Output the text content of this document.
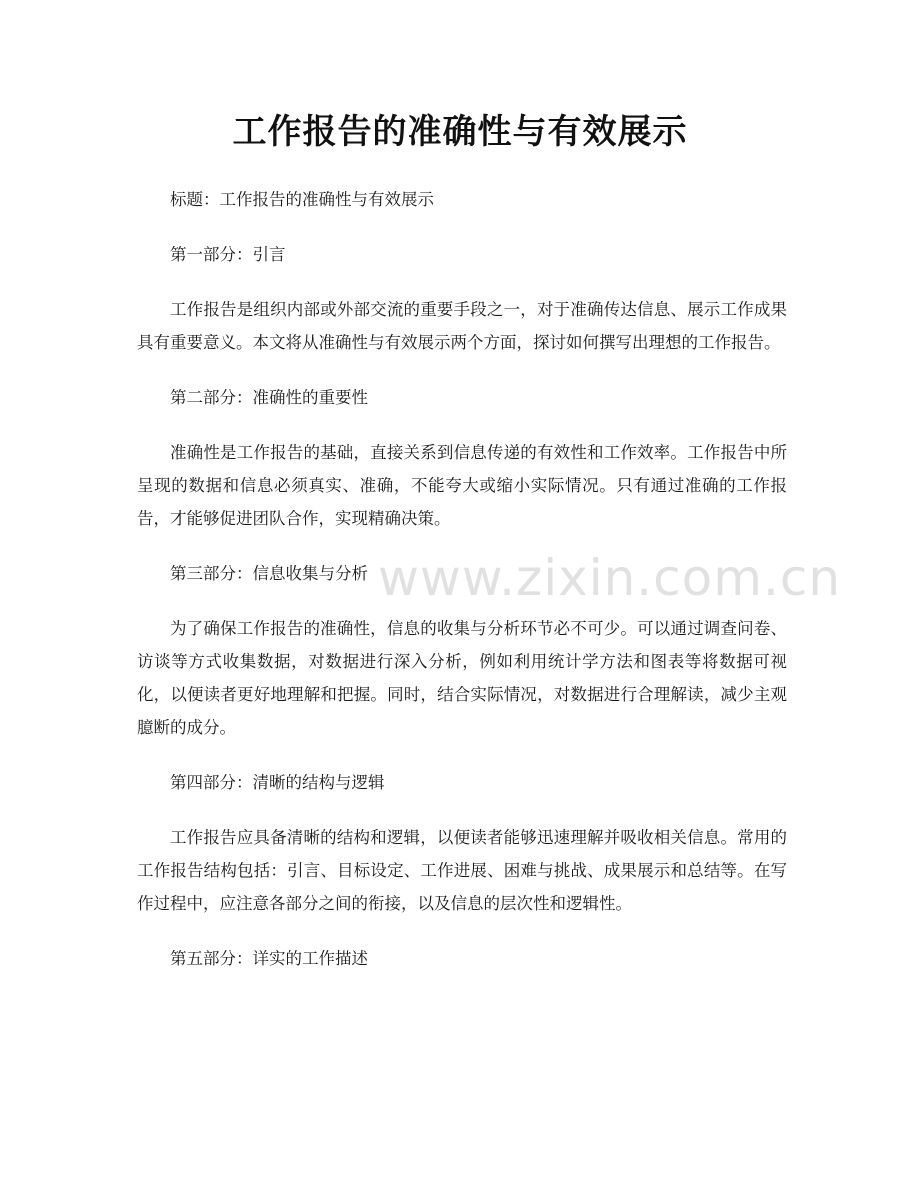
工作报告的准确性与有效展示

标题：工作报告的准确性与有效展示

第一部分：引言

工作报告是组织内部或外部交流的重要手段之一，对于准确传达信息、展示工作成果具有重要意义。本文将从准确性与有效展示两个方面，探讨如何撰写出理想的工作报告。

第二部分：准确性的重要性

准确性是工作报告的基础，直接关系到信息传递的有效性和工作效率。工作报告中所呈现的数据和信息必须真实、准确，不能夸大或缩小实际情况。只有通过准确的工作报告，才能够促进团队合作，实现精确决策。

第三部分：信息收集与分析

为了确保工作报告的准确性，信息的收集与分析环节必不可少。可以通过调查问卷、访谈等方式收集数据，对数据进行深入分析，例如利用统计学方法和图表等将数据可视化，以便读者更好地理解和把握。同时，结合实际情况，对数据进行合理解读，减少主观臆断的成分。

第四部分：清晰的结构与逻辑

工作报告应具备清晰的结构和逻辑，以便读者能够迅速理解并吸收相关信息。常用的工作报告结构包括：引言、目标设定、工作进展、困难与挑战、成果展示和总结等。在写作过程中，应注意各部分之间的衔接，以及信息的层次性和逻辑性。

第五部分：详实的工作描述

www.zixin.com.cn
